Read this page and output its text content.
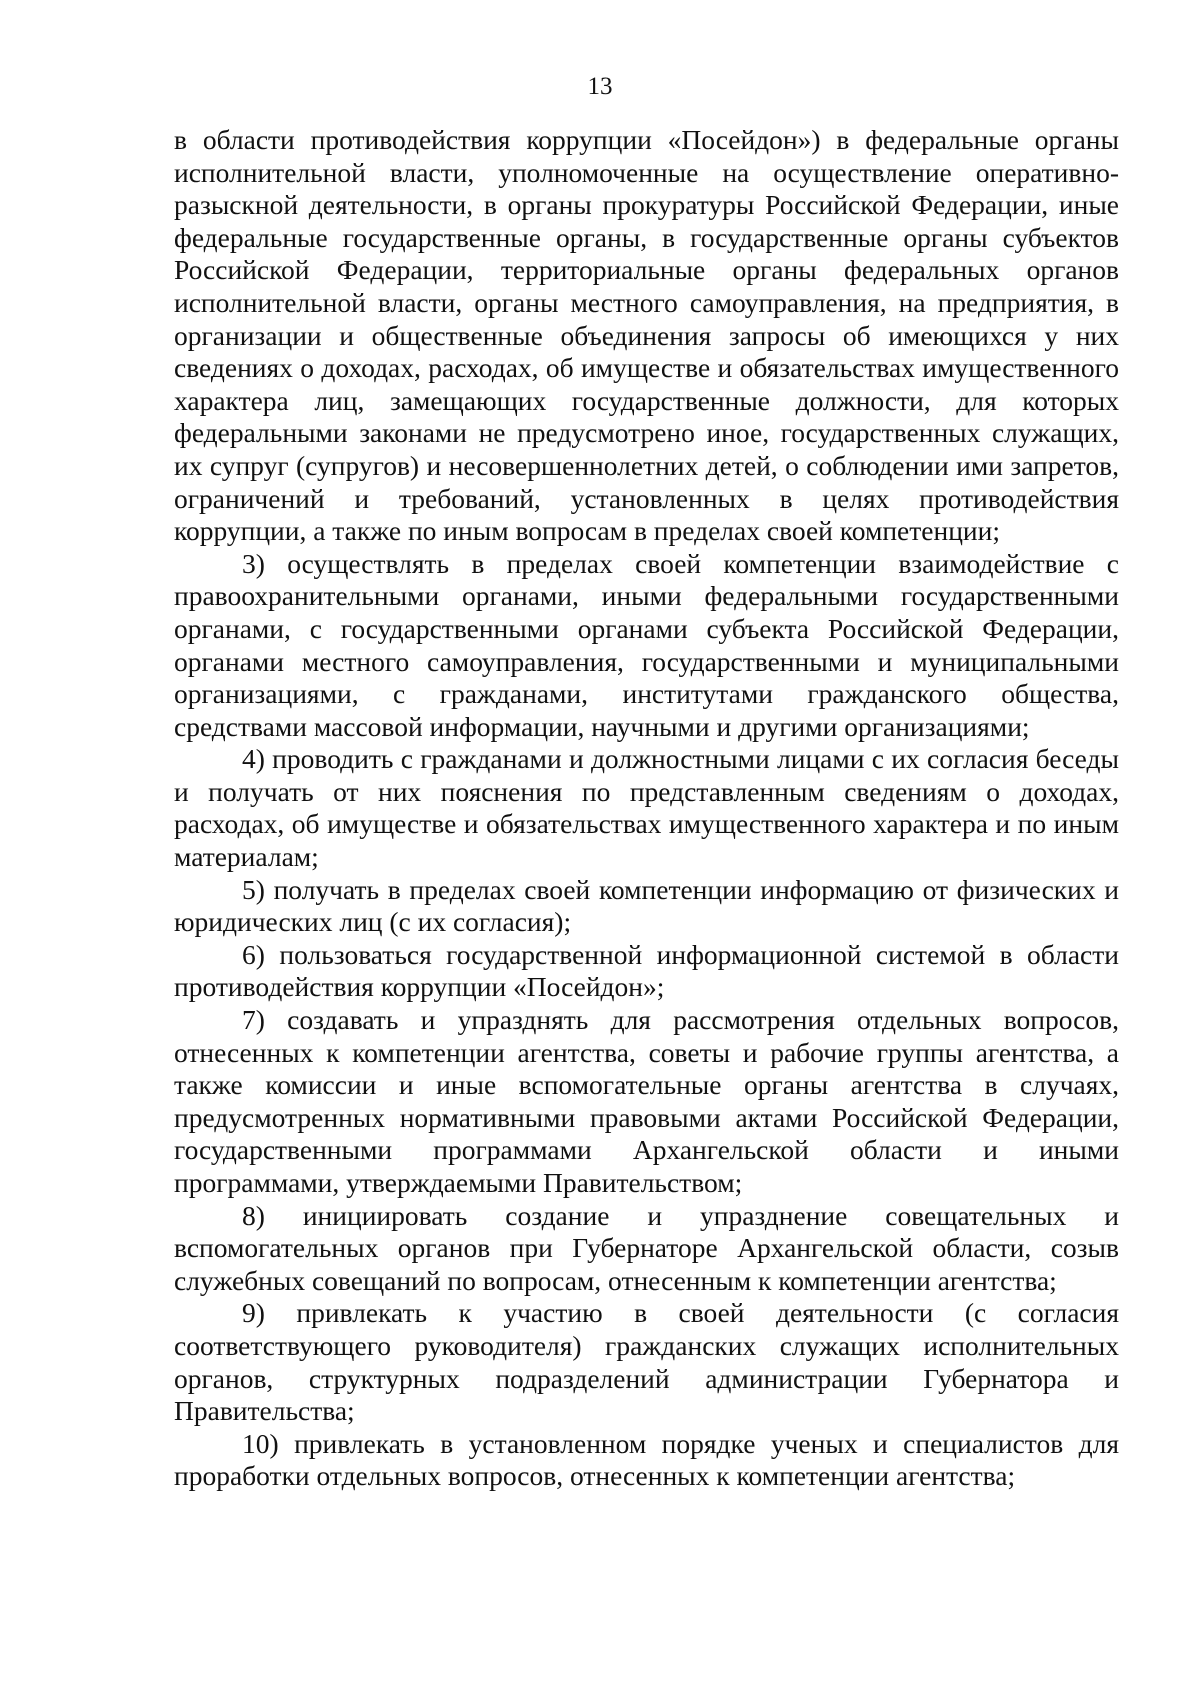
13

в области противодействия коррупции «Посейдон») в федеральные органы исполнительной власти, уполномоченные на осуществление оперативно-разыскной деятельности, в органы прокуратуры Российской Федерации, иные федеральные государственные органы, в государственные органы субъектов Российской Федерации, территориальные органы федеральных органов исполнительной власти, органы местного самоуправления, на предприятия, в организации и общественные объединения запросы об имеющихся у них сведениях о доходах, расходах, об имуществе и обязательствах имущественного характера лиц, замещающих государственные должности, для которых федеральными законами не предусмотрено иное, государственных служащих, их супруг (супругов) и несовершеннолетних детей, о соблюдении ими запретов, ограничений и требований, установленных в целях противодействия коррупции, а также по иным вопросам в пределах своей компетенции;

3) осуществлять в пределах своей компетенции взаимодействие с правоохранительными органами, иными федеральными государственными органами, с государственными органами субъекта Российской Федерации, органами местного самоуправления, государственными и муниципальными организациями, с гражданами, институтами гражданского общества, средствами массовой информации, научными и другими организациями;

4) проводить с гражданами и должностными лицами с их согласия беседы и получать от них пояснения по представленным сведениям о доходах, расходах, об имуществе и обязательствах имущественного характера и по иным материалам;

5) получать в пределах своей компетенции информацию от физических и юридических лиц (с их согласия);

6) пользоваться государственной информационной системой в области противодействия коррупции «Посейдон»;

7) создавать и упразднять для рассмотрения отдельных вопросов, отнесенных к компетенции агентства, советы и рабочие группы агентства, а также комиссии и иные вспомогательные органы агентства в случаях, предусмотренных нормативными правовыми актами Российской Федерации, государственными программами Архангельской области и иными программами, утверждаемыми Правительством;

8) инициировать создание и упразднение совещательных и вспомогательных органов при Губернаторе Архангельской области, созыв служебных совещаний по вопросам, отнесенным к компетенции агентства;

9) привлекать к участию в своей деятельности (с согласия соответствующего руководителя) гражданских служащих исполнительных органов, структурных подразделений администрации Губернатора и Правительства;

10) привлекать в установленном порядке ученых и специалистов для проработки отдельных вопросов, отнесенных к компетенции агентства;
